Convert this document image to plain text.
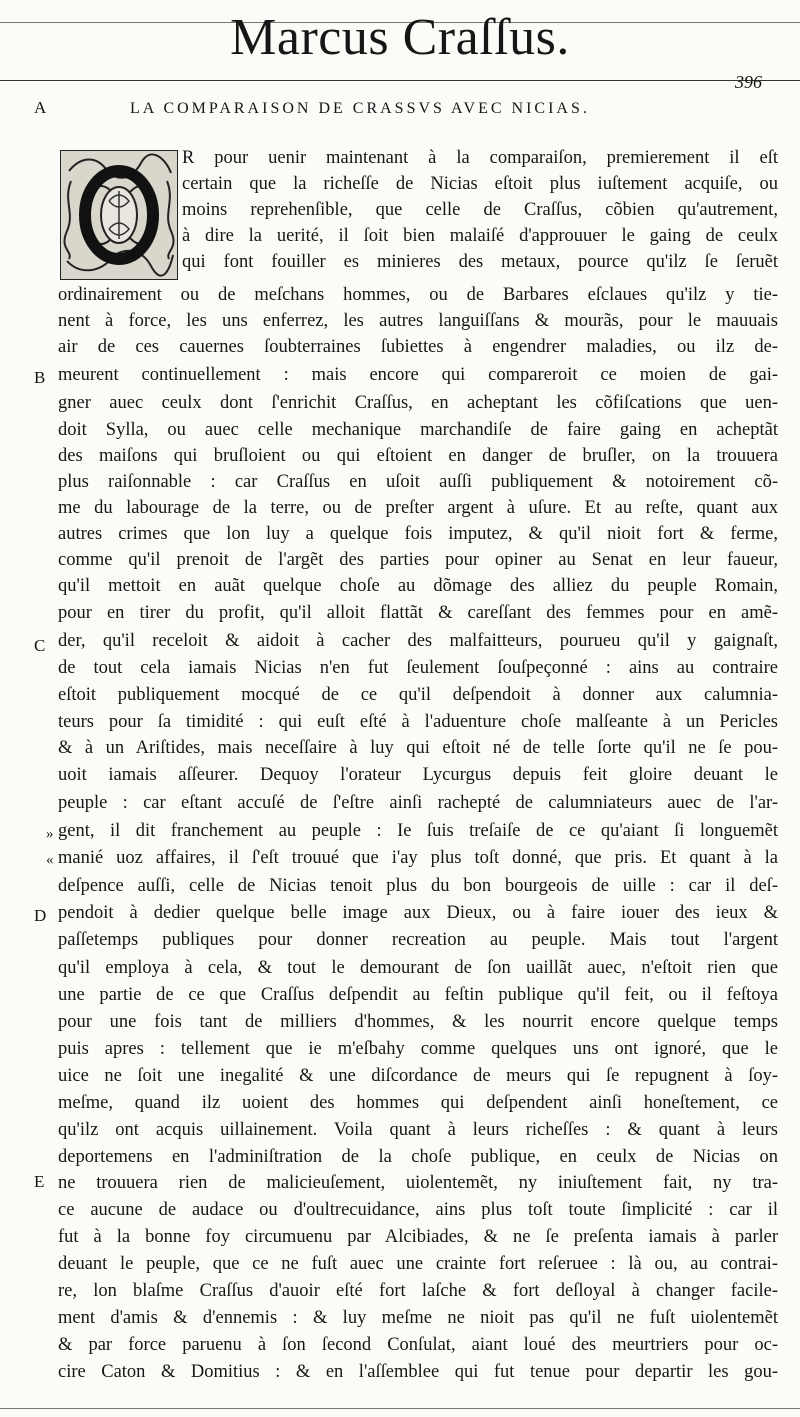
Marcus Craſſus.
396
LA COMPARAISON DE CRASSVS AVEC NICIAS.
A
B
C
D
E
»
«
R pour uenir maintenant à la comparaiſon, premierement il eſt
certain que la richeſſe de Nicias eſtoit plus iuſtement acquiſe, ou
moins reprehenſible, que celle de Craſſus, cõbien qu'autrement,
à dire la uerité, il ſoit bien malaiſé d'approuuer le gaing de ceulx
qui font fouiller es minieres des metaux, pource qu'ilz ſe ſeruẽt
ordinairement ou de meſchans hommes, ou de Barbares eſclaues qu'ilz y tie-
nent à force, les uns enferrez, les autres languiſſans & mourãs, pour le mauuais
air de ces cauernes ſoubterraines ſubiettes à engendrer maladies, ou ilz de-
meurent continuellement : mais encore qui compareroit ce moien de gai-
gner auec ceulx dont ſ'enrichit Craſſus, en acheptant les cõfiſcations que uen-
doit Sylla, ou auec celle mechanique marchandiſe de faire gaing en acheptãt
des maiſons qui bruſloient ou qui eſtoient en danger de bruſler, on la trouuera
plus raiſonnable : car Craſſus en uſoit auſſi publiquement & notoirement cõ-
me du labourage de la terre, ou de preſter argent à uſure. Et au reſte, quant aux
autres crimes que lon luy a quelque fois imputez, & qu'il nioit fort & ferme,
comme qu'il prenoit de l'argẽt des parties pour opiner au Senat en leur faueur,
qu'il mettoit en auãt quelque choſe au dõmage des alliez du peuple Romain,
pour en tirer du profit, qu'il alloit flattãt & careſſant des femmes pour en amẽ-
der, qu'il receloit & aidoit à cacher des malfaitteurs, pourueu qu'il y gaignaſt,
de tout cela iamais Nicias n'en fut ſeulement ſouſpeçonné : ains au contraire
eſtoit publiquement mocqué de ce qu'il deſpendoit à donner aux calumnia-
teurs pour ſa timidité : qui euſt eſté à l'aduenture choſe malſeante à un Pericles
& à un Ariſtides, mais neceſſaire à luy qui eſtoit né de telle ſorte qu'il ne ſe pou-
uoit iamais aſſeurer. Dequoy l'orateur Lycurgus depuis feit gloire deuant le
peuple : car eſtant accuſé de ſ'eſtre ainſi rachepté de calumniateurs auec de l'ar-
gent, il dit franchement au peuple : Ie ſuis treſaiſe de ce qu'aiant ſi longuemẽt
manié uoz affaires, il ſ'eſt trouué que i'ay plus toſt donné, que pris. Et quant à la
deſpence auſſi, celle de Nicias tenoit plus du bon bourgeois de uille : car il deſ-
pendoit à dedier quelque belle image aux Dieux, ou à faire iouer des ieux &
paſſetemps publiques pour donner recreation au peuple. Mais tout l'argent
qu'il employa à cela, & tout le demourant de ſon uaillãt auec, n'eſtoit rien que
une partie de ce que Craſſus deſpendit au feſtin publique qu'il feit, ou il feſtoya
pour une fois tant de milliers d'hommes, & les nourrit encore quelque temps
puis apres : tellement que ie m'eſbahy comme quelques uns ont ignoré, que le
uice ne ſoit une inegalité & une diſcordance de meurs qui ſe repugnent à ſoy-
meſme, quand ilz uoient des hommes qui deſpendent ainſi honeſtement, ce
qu'ilz ont acquis uillainement. Voila quant à leurs richeſſes : & quant à leurs
deportemens en l'adminiſtration de la choſe publique, en ceulx de Nicias on
ne trouuera rien de malicieuſement, uiolentemẽt, ny iniuſtement fait, ny tra-
ce aucune de audace ou d'oultrecuidance, ains plus toſt toute ſimplicité : car il
fut à la bonne foy circumuenu par Alcibiades, & ne ſe preſenta iamais à parler
deuant le peuple, que ce ne fuſt auec une crainte fort reſeruee : là ou, au contrai-
re, lon blaſme Craſſus d'auoir eſté fort laſche & fort deſloyal à changer facile-
ment d'amis & d'ennemis : & luy meſme ne nioit pas qu'il ne fuſt uiolentemẽt
& par force paruenu à ſon ſecond Conſulat, aiant loué des meurtriers pour oc-
cire Caton & Domitius : & en l'aſſemblee qui fut tenue pour departir les gou-
